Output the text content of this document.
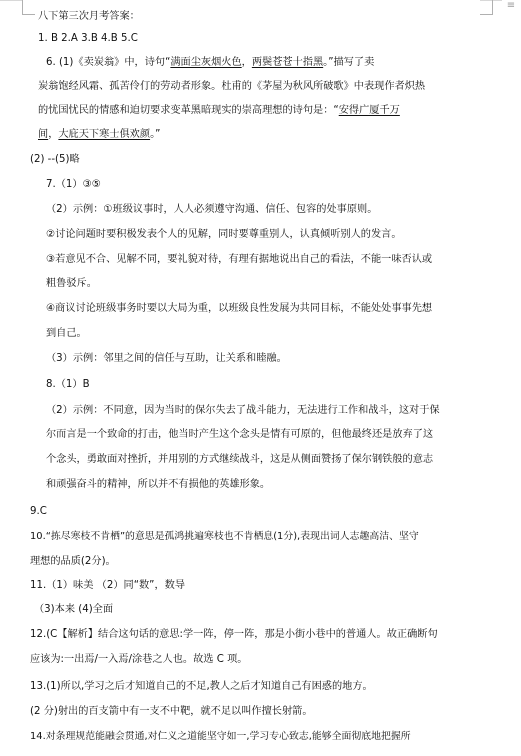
≡
八下第三次月考答案：
1. B 2.A 3.B 4.B 5.C
6. (1)《卖炭翁》中，诗句“满面尘灰烟火色，两鬓苍苍十指黑。”描写了卖
炭翁饱经风霜、孤苦伶仃的劳动者形象。杜甫的《茅屋为秋风所破歌》中表现作者炽热
的忧国忧民的情感和迫切要求变革黑暗现实的崇高理想的诗句是：“安得广厦千万
间，大庇天下寒士俱欢颜。”
(2) --(5)略
7.（1）③⑤
（2）示例：①班级议事时，人人必须遵守沟通、信任、包容的处事原则。
②讨论问题时要积极发表个人的见解，同时要尊重别人，认真倾听别人的发言。
③若意见不合、见解不同，要礼貌对待，有理有据地说出自己的看法，不能一味否认或
粗鲁驳斥。
④商议讨论班级事务时要以大局为重，以班级良性发展为共同目标，不能处处事事先想
到自己。
（3）示例：邻里之间的信任与互助，让关系和睦融。
8.（1）B
（2）示例：不同意，因为当时的保尔失去了战斗能力，无法进行工作和战斗，这对于保
尔而言是一个致命的打击，他当时产生这个念头是情有可原的，但他最终还是放弃了这
个念头，勇敢面对挫折，并用别的方式继续战斗，这是从侧面赞扬了保尔钢铁般的意志
和顽强奋斗的精神，所以并不有损他的英雄形象。
9.C
10.“拣尽寒枝不肯栖”的意思是孤鸿挑遍寒枝也不肯栖息(1分),表现出词人志趣高洁、坚守
理想的品质(2分)。
11.（1）味美 （2）同“数”，数导
（3)本来 (4)全面
12.(C【解析】结合这句话的意思:学一阵，停一阵，那是小街小巷中的普通人。故正确断句
应该为:一出焉/一入焉/涂巷之人也。故选 C 项。
13.(1)所以,学习之后才知道自己的不足,教人之后才知道自己有困惑的地方。
(2 分)射出的百支箭中有一支不中靶，就不足以叫作擅长射箭。
14.对条理规范能融会贯通,对仁义之道能坚守如一,学习专心致志,能够全面彻底地把握所
